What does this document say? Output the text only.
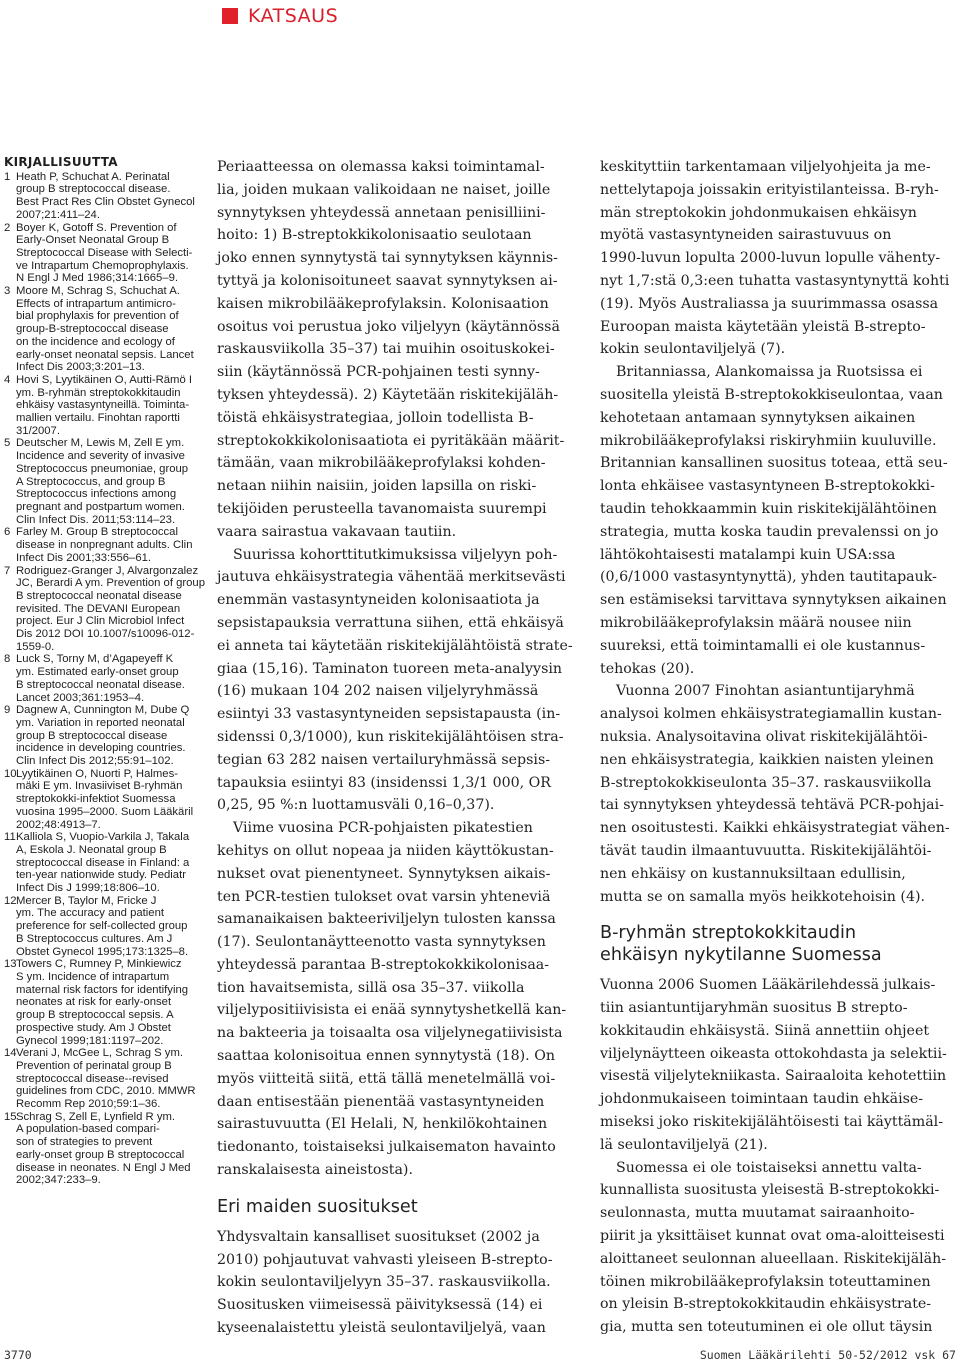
KATSAUS
KIRJALLISUUTTA
1 Heath P, Schuchat A. Perinatal
group B streptococcal disease.
Best Pract Res Clin Obstet Gynecol
2007;21:411–24.
2 Boyer K, Gotoff S. Prevention of
Early-Onset Neonatal Group B
Streptococcal Disease with Selecti-
ve Intrapartum Chemoprophylaxis.
N Engl J Med 1986;314:1665–9.
3 Moore M, Schrag S, Schuchat A.
Effects of intrapartum antimicro-
bial prophylaxis for prevention of
group-B-streptococcal disease
on the incidence and ecology of
early-onset neonatal sepsis. Lancet
Infect Dis 2003;3:201–13.
4 Hovi S, Lyytikäinen O, Autti-Rämö I
ym. B-ryhmän streptokokkitaudin
ehkäisy vastasyntyneillä. Toiminta-
mallien vertailu. Finohtan raportti
31/2007.
5 Deutscher M, Lewis M, Zell E ym.
Incidence and severity of invasive
Streptococcus pneumoniae, group
A Streptococcus, and group B
Streptococcus infections among
pregnant and postpartum women.
Clin Infect Dis. 2011;53:114–23.
6 Farley M. Group B streptococcal
disease in nonpregnant adults. Clin
Infect Dis 2001;33:556–61.
7 Rodriguez-Granger J, Alvargonzalez
JC, Berardi A ym. Prevention of group
B streptococcal neonatal disease
revisited. The DEVANI European
project. Eur J Clin Microbiol Infect
Dis 2012 DOI 10.1007/s10096-012-
1559-0.
8 Luck S, Torny M, d’Agapeyeff K
ym. Estimated early-onset group
B streptococcal neonatal disease.
Lancet 2003;361:1953–4.
9 Dagnew A, Cunnington M, Dube Q
ym. Variation in reported neonatal
group B streptococcal disease
incidence in developing countries.
Clin Infect Dis 2012;55:91–102.
10 Lyytikäinen O, Nuorti P, Halmes-
mäki E ym. Invasiiviset B-ryhmän
streptokokki-infektiot Suomessa
vuosina 1995–2000. Suom Lääkäril
2002;48:4913–7.
11 Kalliola S, Vuopio-Varkila J, Takala
A, Eskola J. Neonatal group B
streptococcal disease in Finland: a
ten-year nationwide study. Pediatr
Infect Dis J 1999;18:806–10.
12 Mercer B, Taylor M, Fricke J
ym. The accuracy and patient
preference for self-collected group
B Streptococcus cultures. Am J
Obstet Gynecol 1995;173:1325–8.
13 Towers C, Rumney P, Minkiewicz
S ym. Incidence of intrapartum
maternal risk factors for identifying
neonates at risk for early-onset
group B streptococcal sepsis. A
prospective study. Am J Obstet
Gynecol 1999;181:1197–202.
14 Verani J, McGee L, Schrag S ym.
Prevention of perinatal group B
streptococcal disease--revised
guidelines from CDC, 2010. MMWR
Recomm Rep 2010;59:1–36.
15 Schrag S, Zell E, Lynfield R ym.
A population-based compari-
son of strategies to prevent
early-onset group B streptococcal
disease in neonates. N Engl J Med
2002;347:233–9.
Periaatteessa on olemassa kaksi toimintamal-
lia, joiden mukaan valikoidaan ne naiset, joille
synnytyksen yhteydessä annetaan penisilliini-
hoito: 1) B-streptokkikolonisaatio seulotaan
joko ennen synnytystä tai synnytyksen käynnis-
tyttyä ja kolonisoituneet saavat synnytyksen ai-
kaisen mikrobilääkeprofylaksin. Kolonisaation
osoitus voi perustua joko viljelyyn (käytännössä
raskausviikolla 35–37) tai muihin osoituskokei-
siin (käytännössä PCR-pohjainen testi synny-
tyksen yhteydessä). 2) Käytetään riskitekijäläh-
töistä ehkäisystrategiaa, jolloin todellista B-
streptokokkikolonisaatiota ei pyritäkään määrit-
tämään, vaan mikrobilääkeprofylaksi kohden-
netaan niihin naisiin, joiden lapsilla on riski-
tekijöiden perusteella tavanomaista suurempi
vaara sairastua vakavaan tautiin.
Suurissa kohorttitutkimuksissa viljelyyn poh-
jautuva ehkäisystrategia vähentää merkitsevästi
enemmän vastasyntyneiden kolonisaatiota ja
sepsistapauksia verrattuna siihen, että ehkäisyä
ei anneta tai käytetään riskitekijälähtöistä strate-
giaa (15,16). Taminaton tuoreen meta-analyysin
(16) mukaan 104 202 naisen viljelyryhmässä
esiintyi 33 vastasyntyneiden sepsistapausta (in-
sidenssi 0,3/1000), kun riskitekijälähtöisen stra-
tegian 63 282 naisen vertailuryhmässä sepsis-
tapauksia esiintyi 83 (insidenssi 1,3/1 000, OR
0,25, 95 %:n luottamusväli 0,16–0,37).
Viime vuosina PCR-pohjaisten pikatestien
kehitys on ollut nopeaa ja niiden käyttökustan-
nukset ovat pienentyneet. Synnytyksen aikais-
ten PCR-testien tulokset ovat varsin yhteneviä
samanaikaisen bakteeriviljelyn tulosten kanssa
(17). Seulontanäytteenotto vasta synnytyksen
yhteydessä parantaa B-streptokokkikolonisaa-
tion havaitsemista, sillä osa 35–37. viikolla
viljelypositiivisista ei enää synnytyshetkellä kan-
na bakteeria ja toisaalta osa viljelynegatiivisista
saattaa kolonisoitua ennen synnytystä (18). On
myös viitteitä siitä, että tällä menetelmällä voi-
daan entisestään pienentää vastasyntyneiden
sairastuvuutta (El Helali, N, henkilökohtainen
tiedonanto, toistaiseksi julkaisematon havainto
ranskalaisesta aineistosta).
Eri maiden suositukset
Yhdysvaltain kansalliset suositukset (2002 ja
2010) pohjautuvat vahvasti yleiseen B-strepto-
kokin seulontaviljelyyn 35–37. raskausviikolla.
Suositusken viimeisessä päivityksessä (14) ei
kyseenalaistettu yleistä seulontaviljelyä, vaan
keskityttiin tarkentamaan viljelyohjeita ja me-
nettelytapoja joissakin erityistilanteissa. B-ryh-
män streptokokin johdonmukaisen ehkäisyn
myötä vastasyntyneiden sairastuvuus on
1990-luvun lopulta 2000-luvun lopulle vähenty-
nyt 1,7:stä 0,3:een tuhatta vastasyntynyttä kohti
(19). Myös Australiassa ja suurimmassa osassa
Euroopan maista käytetään yleistä B-strepto-
kokin seulontaviljelyä (7).
Britanniassa, Alankomaissa ja Ruotsissa ei
suositella yleistä B-streptokokkiseulontaa, vaan
kehotetaan antamaan synnytyksen aikainen
mikrobilääkeprofylaksi riskiryhmiin kuuluville.
Britannian kansallinen suositus toteaa, että seu-
lonta ehkäisee vastasyntyneen B-streptokokki-
taudin tehokkaammin kuin riskitekijälähtöinen
strategia, mutta koska taudin prevalenssi on jo
lähtökohtaisesti matalampi kuin USA:ssa
(0,6/1000 vastasyntynyttä), yhden tautitapauk-
sen estämiseksi tarvittava synnytyksen aikainen
mikrobilääkeprofylaksin määrä nousee niin
suureksi, että toimintamalli ei ole kustannus-
tehokas (20).
Vuonna 2007 Finohtan asiantuntijaryhmä
analysoi kolmen ehkäisystrategiamallin kustan-
nuksia. Analysoitavina olivat riskitekijälähtöi-
nen ehkäisystrategia, kaikkien naisten yleinen
B-streptokokkiseulonta 35–37. raskausviikolla
tai synnytyksen yhteydessä tehtävä PCR-pohjai-
nen osoitustesti. Kaikki ehkäisystrategiat vähen-
tävät taudin ilmaantuvuutta. Riskitekijälähtöi-
nen ehkäisy on kustannuksiltaan edullisin,
mutta se on samalla myös heikkotehoisin (4).
B-ryhmän streptokokkitaudin
ehkäisyn nykytilanne Suomessa
Vuonna 2006 Suomen Lääkärilehdessä julkais-
tiin asiantuntijaryhmän suositus B strepto-
kokkitaudin ehkäisystä. Siinä annettiin ohjeet
viljelynäytteen oikeasta ottokohdasta ja selektii-
visestä viljelytekniikasta. Sairaaloita kehotettiin
johdonmukaiseen toimintaan taudin ehkäise-
miseksi joko riskitekijälähtöisesti tai käyttämäl-
lä seulontaviljelyä (21).
Suomessa ei ole toistaiseksi annettu valta-
kunnallista suositusta yleisestä B-streptokokki-
seulonnasta, mutta muutamat sairaanhoito-
piirit ja yksittäiset kunnat ovat oma-aloitteisesti
aloittaneet seulonnan alueellaan. Riskitekijäläh-
töinen mikrobilääkeprofylaksin toteuttaminen
on yleisin B-streptokokkitaudin ehkäisystrate-
gia, mutta sen toteutuminen ei ole ollut täysin
3770	Suomen Lääkärilehti 50-52/2012 vsk 67
